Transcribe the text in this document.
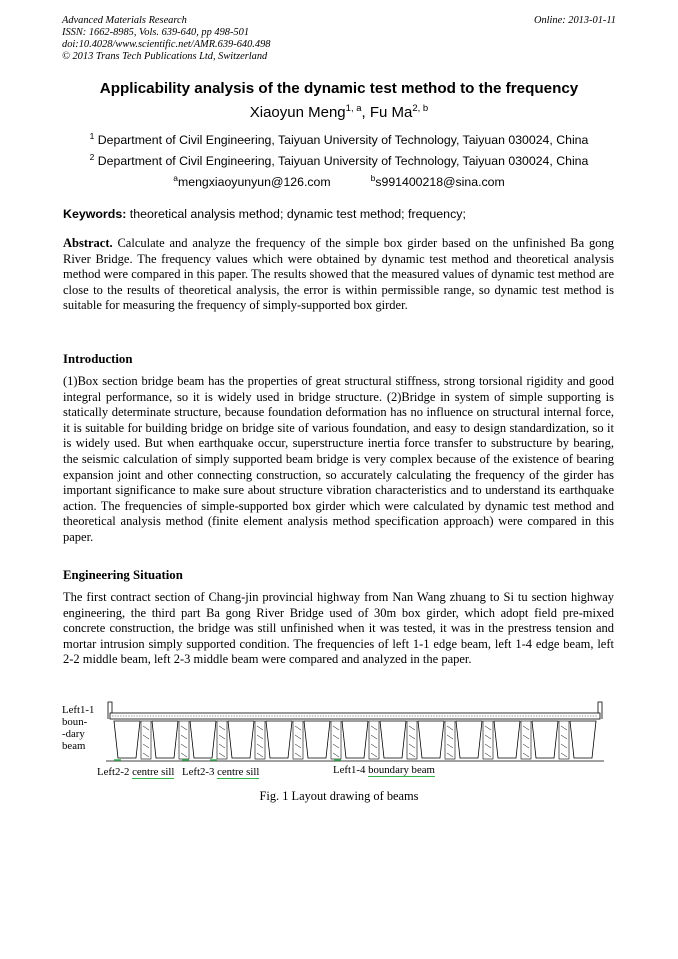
Advanced Materials Research
ISSN: 1662-8985, Vols. 639-640, pp 498-501
doi:10.4028/www.scientific.net/AMR.639-640.498
© 2013 Trans Tech Publications Ltd, Switzerland
Online: 2013-01-11
Applicability analysis of the dynamic test method to the frequency
Xiaoyun Meng$^{1, a}$, Fu Ma$^{2, b}$
$^1$ Department of Civil Engineering, Taiyuan University of Technology, Taiyuan 030024, China
$^2$ Department of Civil Engineering, Taiyuan University of Technology, Taiyuan 030024, China
$^a$mengxiaoyunyun@126.com	$^b$s991400218@sina.com
Keywords: theoretical analysis method; dynamic test method; frequency;
Abstract. Calculate and analyze the frequency of the simple box girder based on the unfinished Ba gong River Bridge. The frequency values which were obtained by dynamic test method and theoretical analysis method were compared in this paper. The results showed that the measured values of dynamic test method are close to the results of theoretical analysis, the error is within permissible range, so dynamic test method is suitable for measuring the frequency of simply-supported box girder.
Introduction
(1)Box section bridge beam has the properties of great structural stiffness, strong torsional rigidity and good integral performance, so it is widely used in bridge structure. (2)Bridge in system of simple supporting is statically determinate structure, because foundation deformation has no influence on structural internal force, it is suitable for building bridge on bridge site of various foundation, and easy to design standardization, so it is widely used. But when earthquake occur, superstructure inertia force transfer to substructure by bearing, the seismic calculation of simply supported beam bridge is very complex because of the existence of bearing expansion joint and other connecting construction, so accurately calculating the frequency of the girder has important significance to make sure about structure vibration characteristics and to understand its earthquake action. The frequencies of simple-supported box girder which were calculated by dynamic test method and theoretical analysis method (finite element analysis method specification approach) were compared in this paper.
Engineering Situation
The first contract section of Chang-jin provincial highway from Nan Wang zhuang to Si tu section highway engineering, the third part Ba gong River Bridge used of 30m box girder, which adopt field pre-mixed concrete construction, the bridge was still unfinished when it was tested, it was in the prestress tension and mortar intrusion simply supported condition. The frequencies of left 1-1 edge beam, left 1-4 edge beam, left 2-2 middle beam, left 2-3 middle beam were compared and analyzed in the paper.
Left1-1
boun-
-dary
beam
Left2-2 centre sill Left2-3 centre sill	Left1-4 boundary beam
Fig. 1 Layout drawing of beams
